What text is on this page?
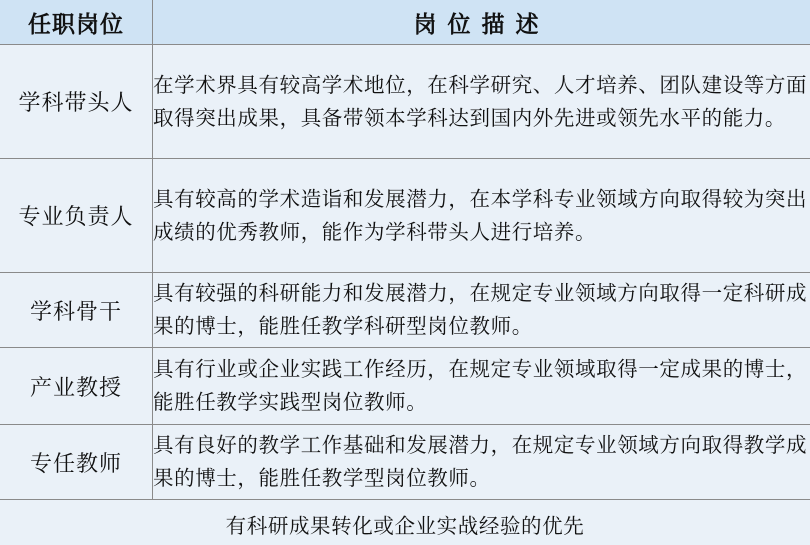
任职岗位	岗位描述
学科带头人	在学术界具有较高学术地位，在科学研究、人才培养、团队建设等方面取得突出成果，具备带领本学科达到国内外先进或领先水平的能力。
专业负责人	具有较高的学术造诣和发展潜力，在本学科专业领域方向取得较为突出成绩的优秀教师，能作为学科带头人进行培养。
学科骨干	具有较强的科研能力和发展潜力，在规定专业领域方向取得一定科研成果的博士，能胜任教学科研型岗位教师。
产业教授	具有行业或企业实践工作经历，在规定专业领域取得一定成果的博士，能胜任教学实践型岗位教师。
专任教师	具有良好的教学工作基础和发展潜力，在规定专业领域方向取得教学成果的博士，能胜任教学型岗位教师。
有科研成果转化或企业实战经验的优先
